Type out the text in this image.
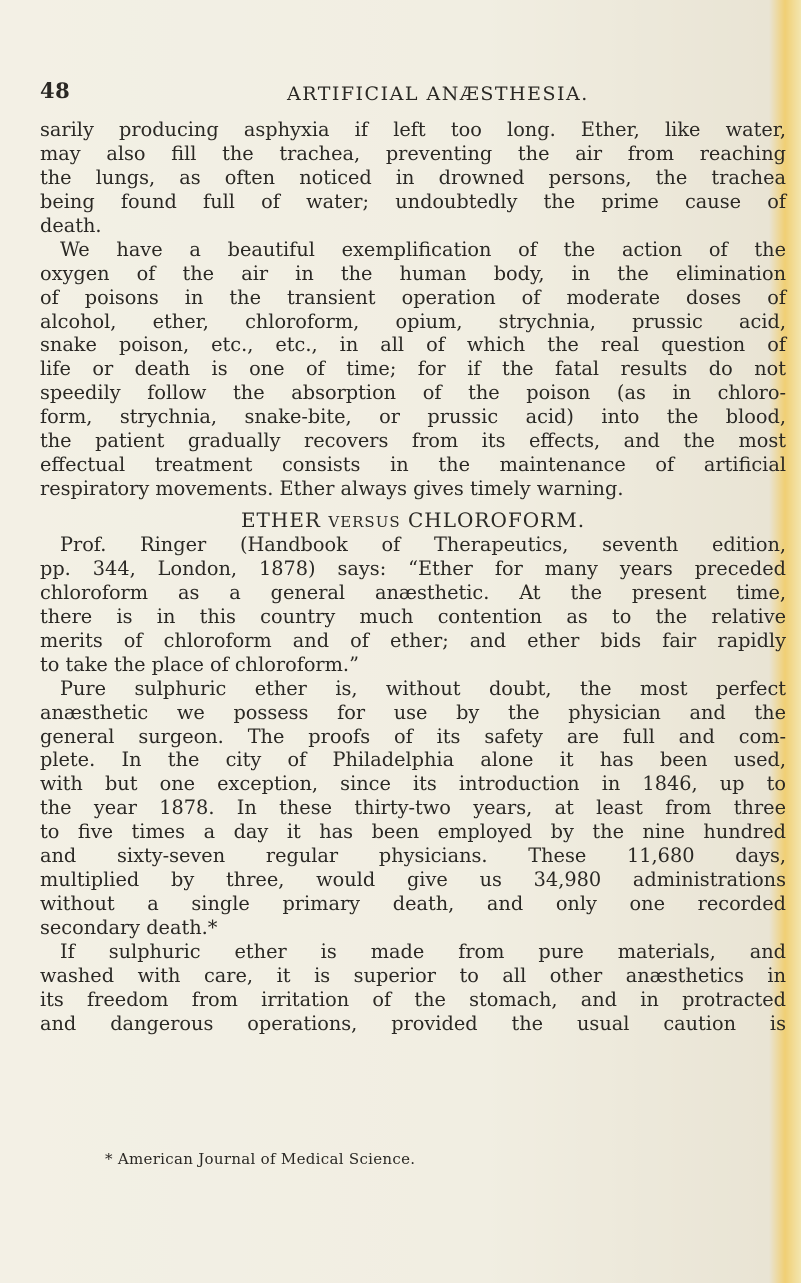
48	ARTIFICIAL ANÆSTHESIA.
sarily producing asphyxia if left too long. Ether, like water,
may also fill the trachea, preventing the air from reaching
the lungs, as often noticed in drowned persons, the trachea
being found full of water; undoubtedly the prime cause of
death.
We have a beautiful exemplification of the action of the
oxygen of the air in the human body, in the elimination
of poisons in the transient operation of moderate doses of
alcohol, ether, chloroform, opium, strychnia, prussic acid,
snake poison, etc., etc., in all of which the real question of
life or death is one of time; for if the fatal results do not
speedily follow the absorption of the poison (as in chloro-
form, strychnia, snake-bite, or prussic acid) into the blood,
the patient gradually recovers from its effects, and the most
effectual treatment consists in the maintenance of artificial
respiratory movements. Ether always gives timely warning.
ETHER VERSUS CHLOROFORM.
Prof. Ringer (Handbook of Therapeutics, seventh edition,
pp. 344, London, 1878) says: “Ether for many years preceded
chloroform as a general anæsthetic. At the present time,
there is in this country much contention as to the relative
merits of chloroform and of ether; and ether bids fair rapidly
to take the place of chloroform.”
Pure sulphuric ether is, without doubt, the most perfect
anæsthetic we possess for use by the physician and the
general surgeon. The proofs of its safety are full and com-
plete. In the city of Philadelphia alone it has been used,
with but one exception, since its introduction in 1846, up to
the year 1878. In these thirty-two years, at least from three
to five times a day it has been employed by the nine hundred
and sixty-seven regular physicians. These 11,680 days,
multiplied by three, would give us 34,980 administrations
without a single primary death, and only one recorded
secondary death.*
If sulphuric ether is made from pure materials, and
washed with care, it is superior to all other anæsthetics in
its freedom from irritation of the stomach, and in protracted
and dangerous operations, provided the usual caution is
* American Journal of Medical Science.
